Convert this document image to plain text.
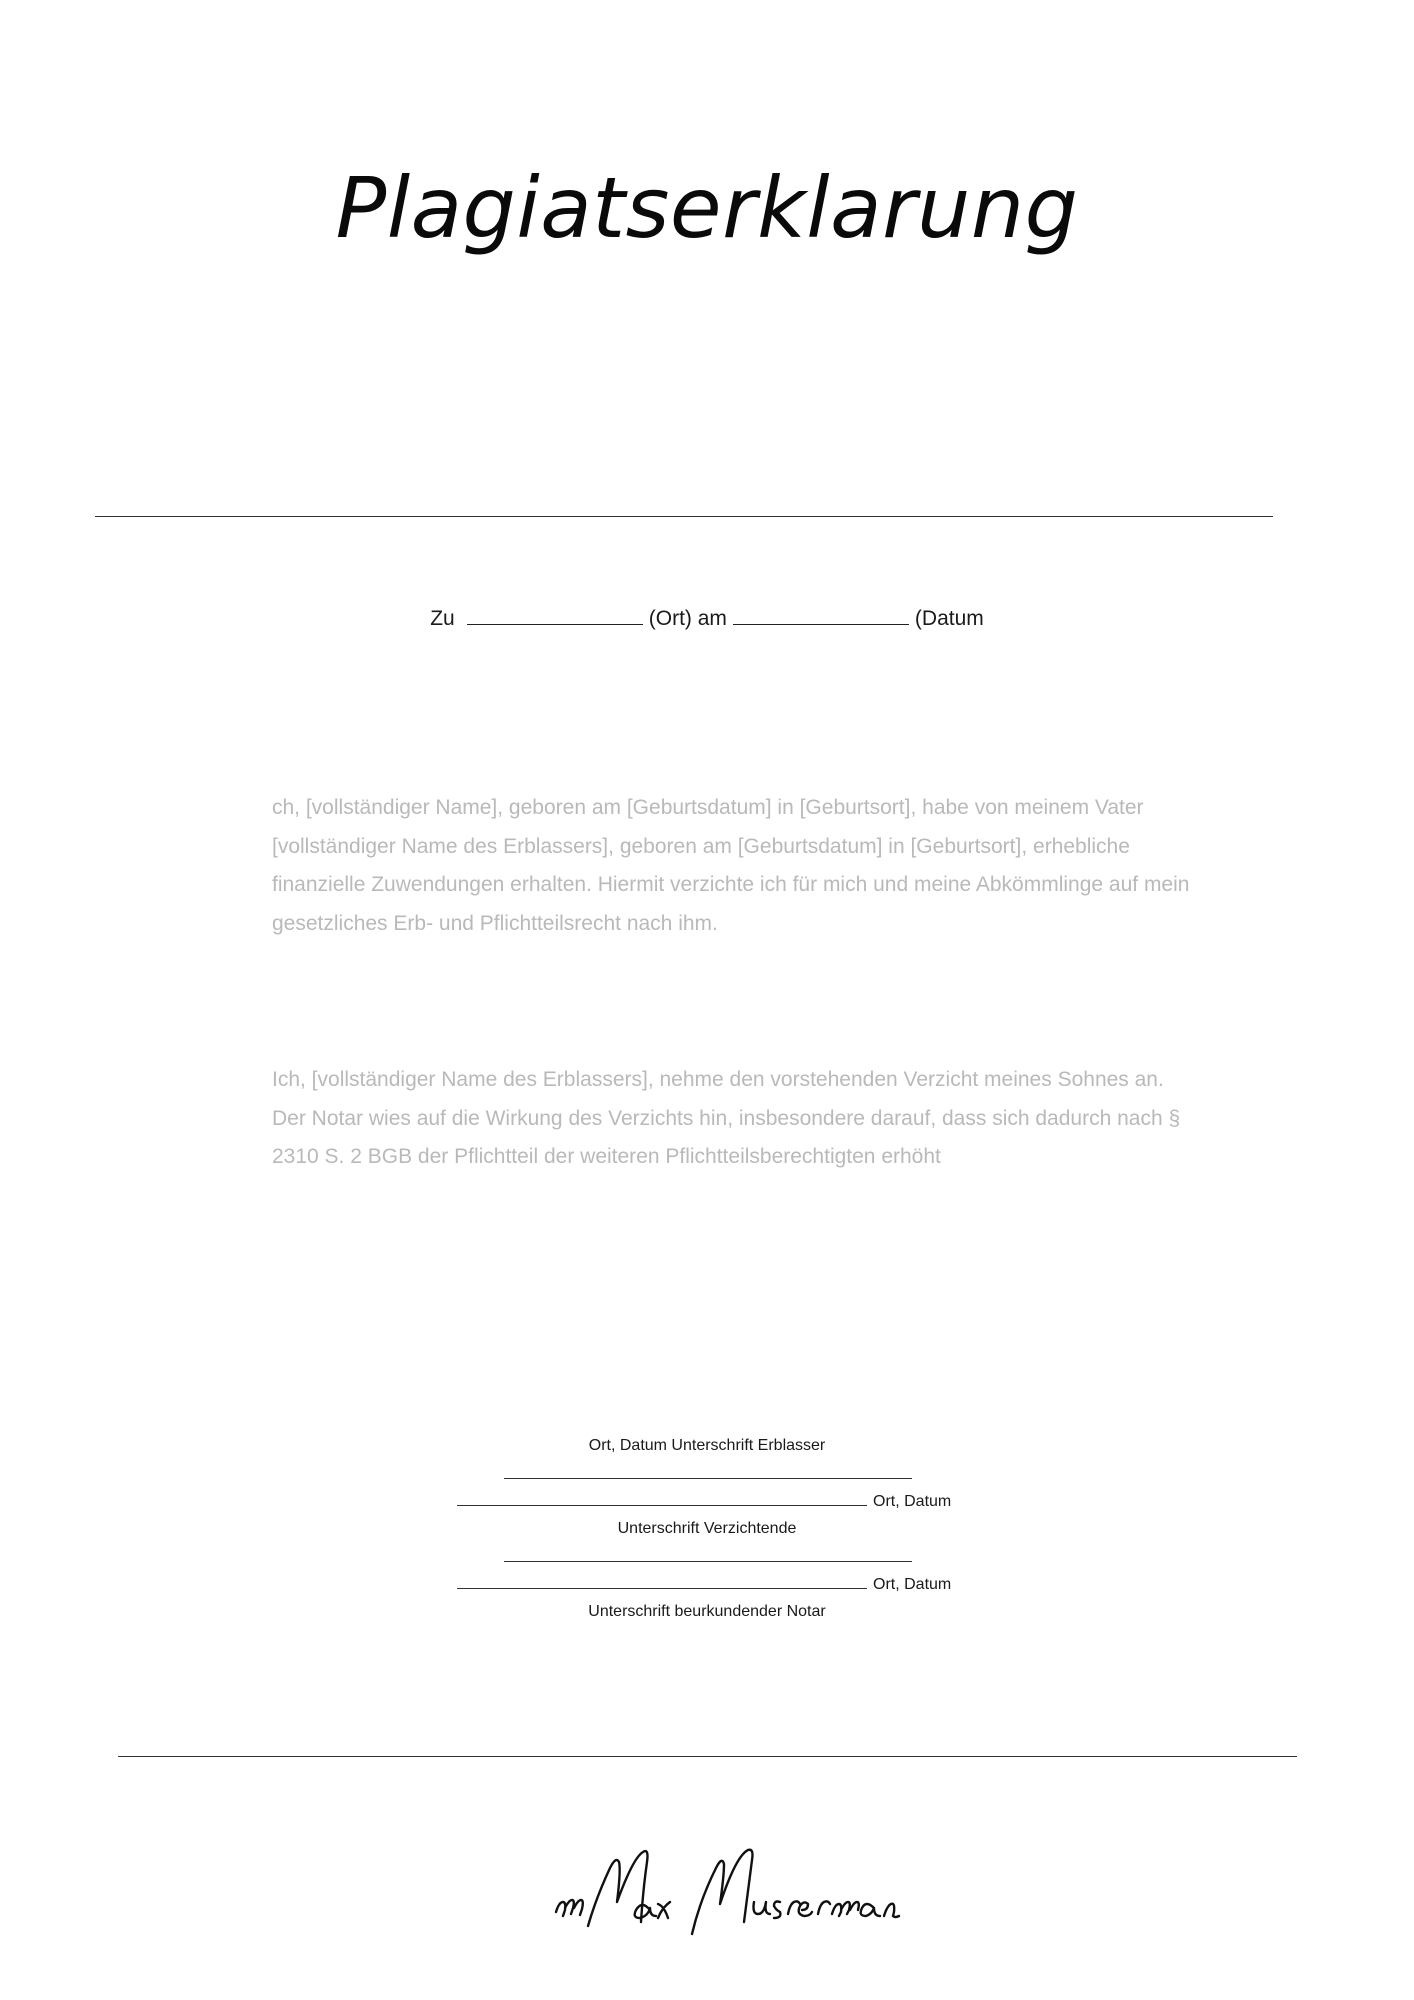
Plagiatserklarung
Zu	(Ort) am	(Datum

ch, [vollständiger Name], geboren am [Geburtsdatum] in [Geburtsort], habe von meinem Vater [vollständiger Name des Erblassers], geboren am [Geburtsdatum] in [Geburtsort], erhebliche finanzielle Zuwendungen erhalten. Hiermit verzichte ich für mich und meine Abkömmlinge auf mein gesetzliches Erb- und Pflichtteilsrecht nach ihm.

Ich, [vollständiger Name des Erblassers], nehme den vorstehenden Verzicht meines Sohnes an. Der Notar wies auf die Wirkung des Verzichts hin, insbesondere darauf, dass sich dadurch nach § 2310 S. 2 BGB der Pflichtteil der weiteren Pflichtteilsberechtigten erhöht

Ort, Datum Unterschrift Erblasser
Ort, Datum
Unterschrift Verzichtende
Ort, Datum
Unterschrift beurkundender Notar
